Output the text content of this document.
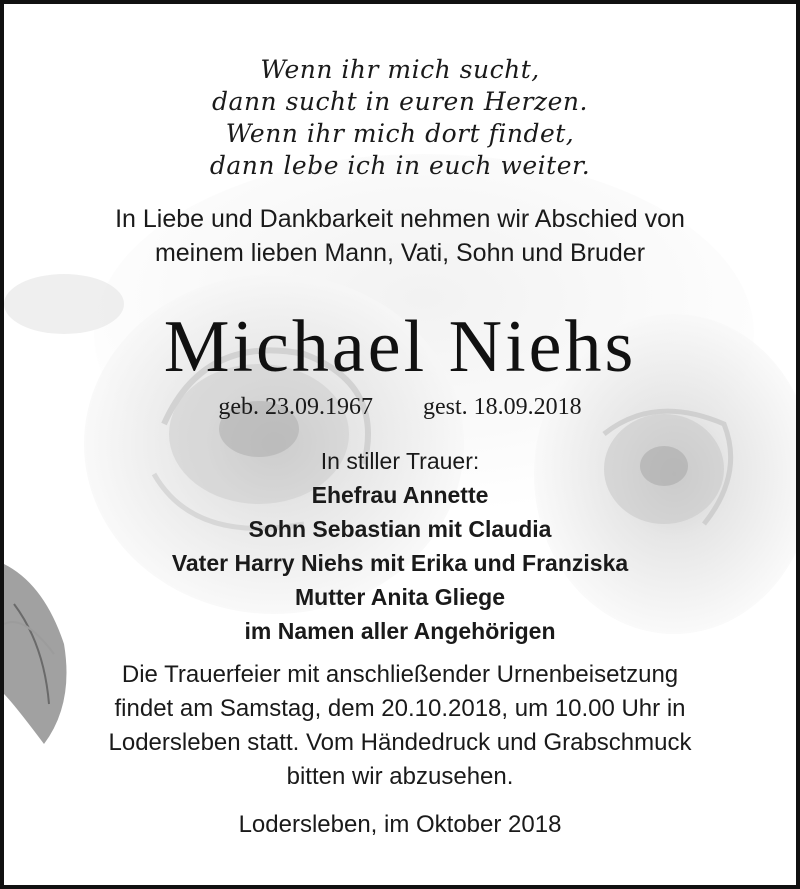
Wenn ihr mich sucht,
dann sucht in euren Herzen.
Wenn ihr mich dort findet,
dann lebe ich in euch weiter.
In Liebe und Dankbarkeit nehmen wir Abschied von
meinem lieben Mann, Vati, Sohn und Bruder
Michael Niehs
geb. 23.09.1967 gest. 18.09.2018
In stiller Trauer:
Ehefrau Annette
Sohn Sebastian mit Claudia
Vater Harry Niehs mit Erika und Franziska
Mutter Anita Gliege
im Namen aller Angehörigen
Die Trauerfeier mit anschließender Urnenbeisetzung
findet am Samstag, dem 20.10.2018, um 10.00 Uhr in
Lodersleben statt. Vom Händedruck und Grabschmuck
bitten wir abzusehen.
Lodersleben, im Oktober 2018
